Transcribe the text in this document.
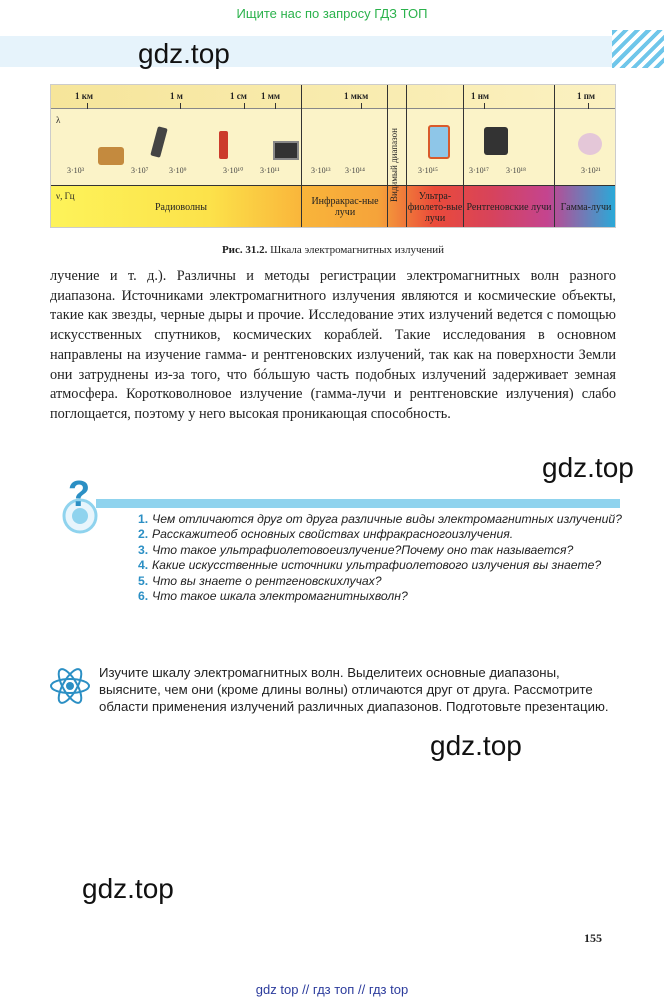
Ищите нас по запросу ГДЗ ТОП
gdz.top
1 км	1 м	1 см 1 мм	1 мкм	1 нм	1 пм
λ
ν, Гц
3·10³	3·10⁷	3·10⁹	3·10¹⁰ 3·10¹¹	3·10¹³ 3·10¹⁴	3·10¹⁵	3·10¹⁷ 3·10¹⁸	3·10²¹
Видимый диапазон
Радиоволны	Инфракрас-ные лучи
Ультра-фиолето-вые лучи
Рентгеновские лучи Гамма-лучи
Рис. 31.2. Шкала электромагнитных излучений

лучение и т. д.). Различны и методы регистрации электромагнитных волн разного диапазона. Источниками электромагнитного излучения являются и космические объекты, такие как звезды, черные дыры и прочие. Исследование этих излучений ведется с помощью искусственных спутников, космических кораблей. Такие исследования в основном направлены на изучение гамма- и рентгеновских излучений, так как на поверхности Земли они затруднены из-за того, что бóльшую часть подобных излучений задерживает земная атмосфера. Коротковолновое излучение (гамма-лучи и рентгеновские излучения) слабо поглощается, поэтому у него высокая проникающая способность.

gdz.top
?
1. Чем отличаются друг от друга различные виды электромагнитных излучений?
2. Расскажитеоб основных свойствах инфракрасногоизлучения.
3. Что такое ультрафиолетовоеизлучение?Почему оно так называется?
4. Какие искусственные источники ультрафиолетового излучения вы знаете?
5. Что вы знаете о рентгеновскихлучах?
6. Что такое шкала электромагнитныхволн?

Изучите шкалу электромагнитных волн. Выделитеих основные диапазоны, выясните, чем они (кроме длины волны) отличаются друг от друга. Рассмотрите области применения излучений различных диапазонов. Подготовьте презентацию.

gdz.top
gdz.top
155
gdz top // гдз топ // гдз top
